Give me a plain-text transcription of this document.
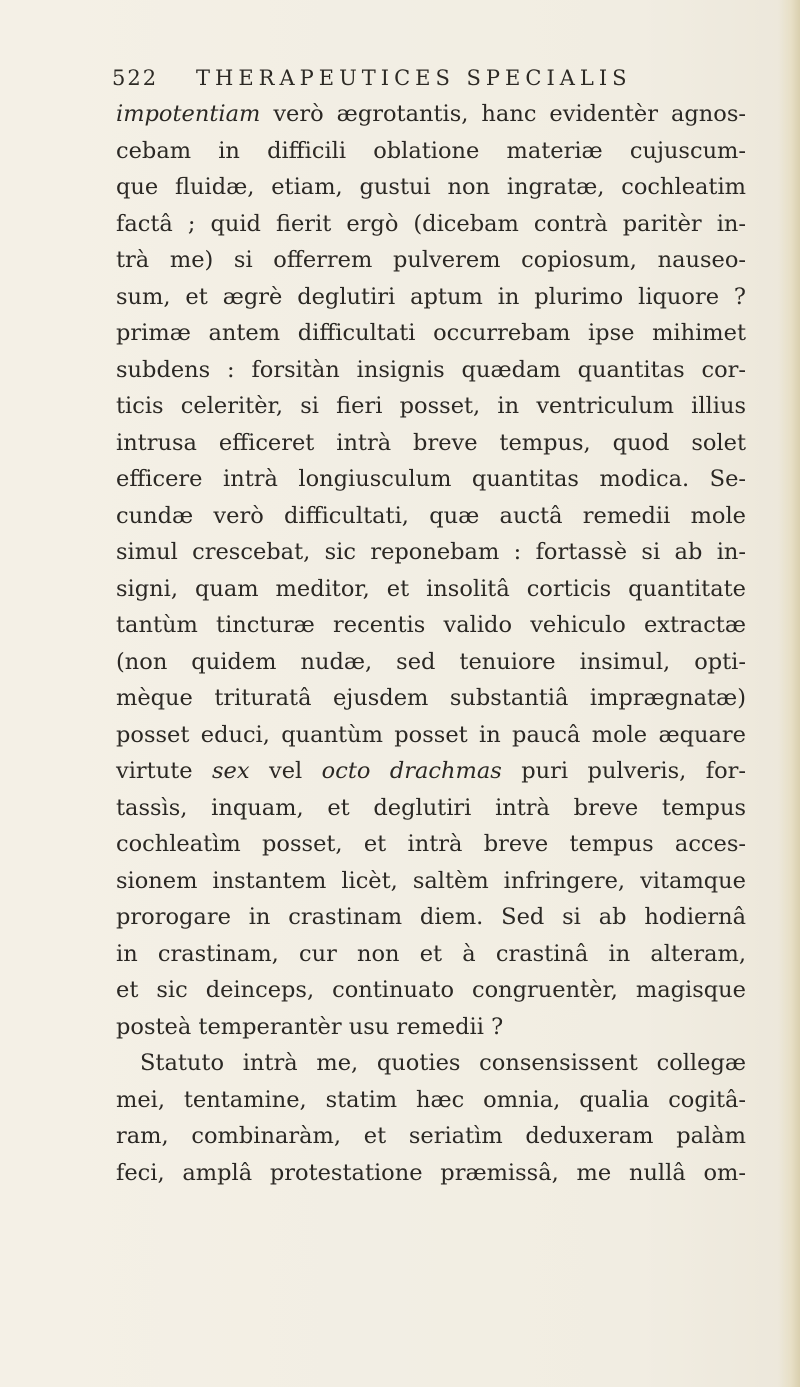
522 THERAPEUTICES SPECIALIS
impotentiam verò ægrotantis, hanc evidentèr agnos-
cebam in difficili oblatione materiæ cujuscum-
que fluidæ, etiam, gustui non ingratæ, cochleatim
factâ ; quid fierit ergò (dicebam contrà paritèr in-
trà me) si offerrem pulverem copiosum, nauseo-
sum, et ægrè deglutiri aptum in plurimo liquore ?
primæ antem difficultati occurrebam ipse mihimet
subdens : forsitàn insignis quædam quantitas cor-
ticis celeritèr, si fieri posset, in ventriculum illius
intrusa efficeret intrà breve tempus, quod solet
efficere intrà longiusculum quantitas modica. Se-
cundæ verò difficultati, quæ auctâ remedii mole
simul crescebat, sic reponebam : fortassè si ab in-
signi, quam meditor, et insolitâ corticis quantitate
tantùm tincturæ recentis valido vehiculo extractæ
(non quidem nudæ, sed tenuiore insimul, opti-
mèque trituratâ ejusdem substantiâ imprægnatæ)
posset educi, quantùm posset in paucâ mole æquare
virtute sex vel octo drachmas puri pulveris, for-
tassìs, inquam, et deglutiri intrà breve tempus
cochleatìm posset, et intrà breve tempus acces-
sionem instantem licèt, saltèm infringere, vitamque
prorogare in crastinam diem. Sed si ab hodiernâ
in crastinam, cur non et à crastinâ in alteram,
et sic deinceps, continuato congruentèr, magisque
posteà temperantèr usu remedii ?
Statuto intrà me, quoties consensissent collegæ
mei, tentamine, statim hæc omnia, qualia cogitâ-
ram, combinaràm, et seriatìm deduxeram palàm
feci, amplâ protestatione præmissâ, me nullâ om-
